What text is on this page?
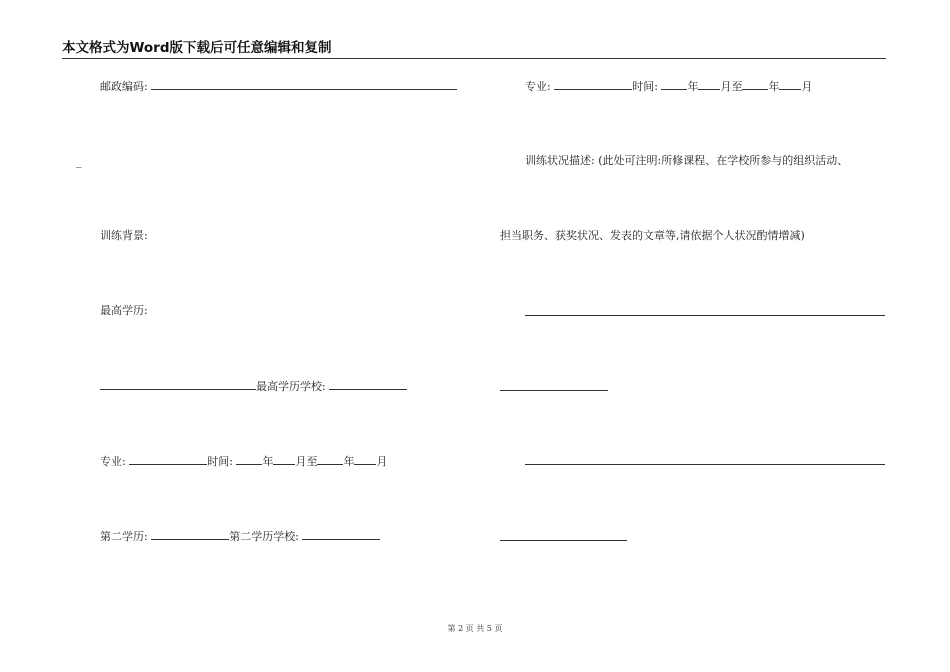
本文格式为Word版下载后可任意编辑和复制
邮政编码:
_
训练背景:
最高学历:
最高学历学校:
专业:	时间:	年 月至 年 月
第二学历:	第二学历学校:
专业:	时间:	年 月至 年 月
训练状况描述: (此处可注明:所修课程、在学校所参与的组织活动、
担当职务、获奖状况、发表的文章等,请依据个人状况酌情增减)
第 2 页 共 5 页
